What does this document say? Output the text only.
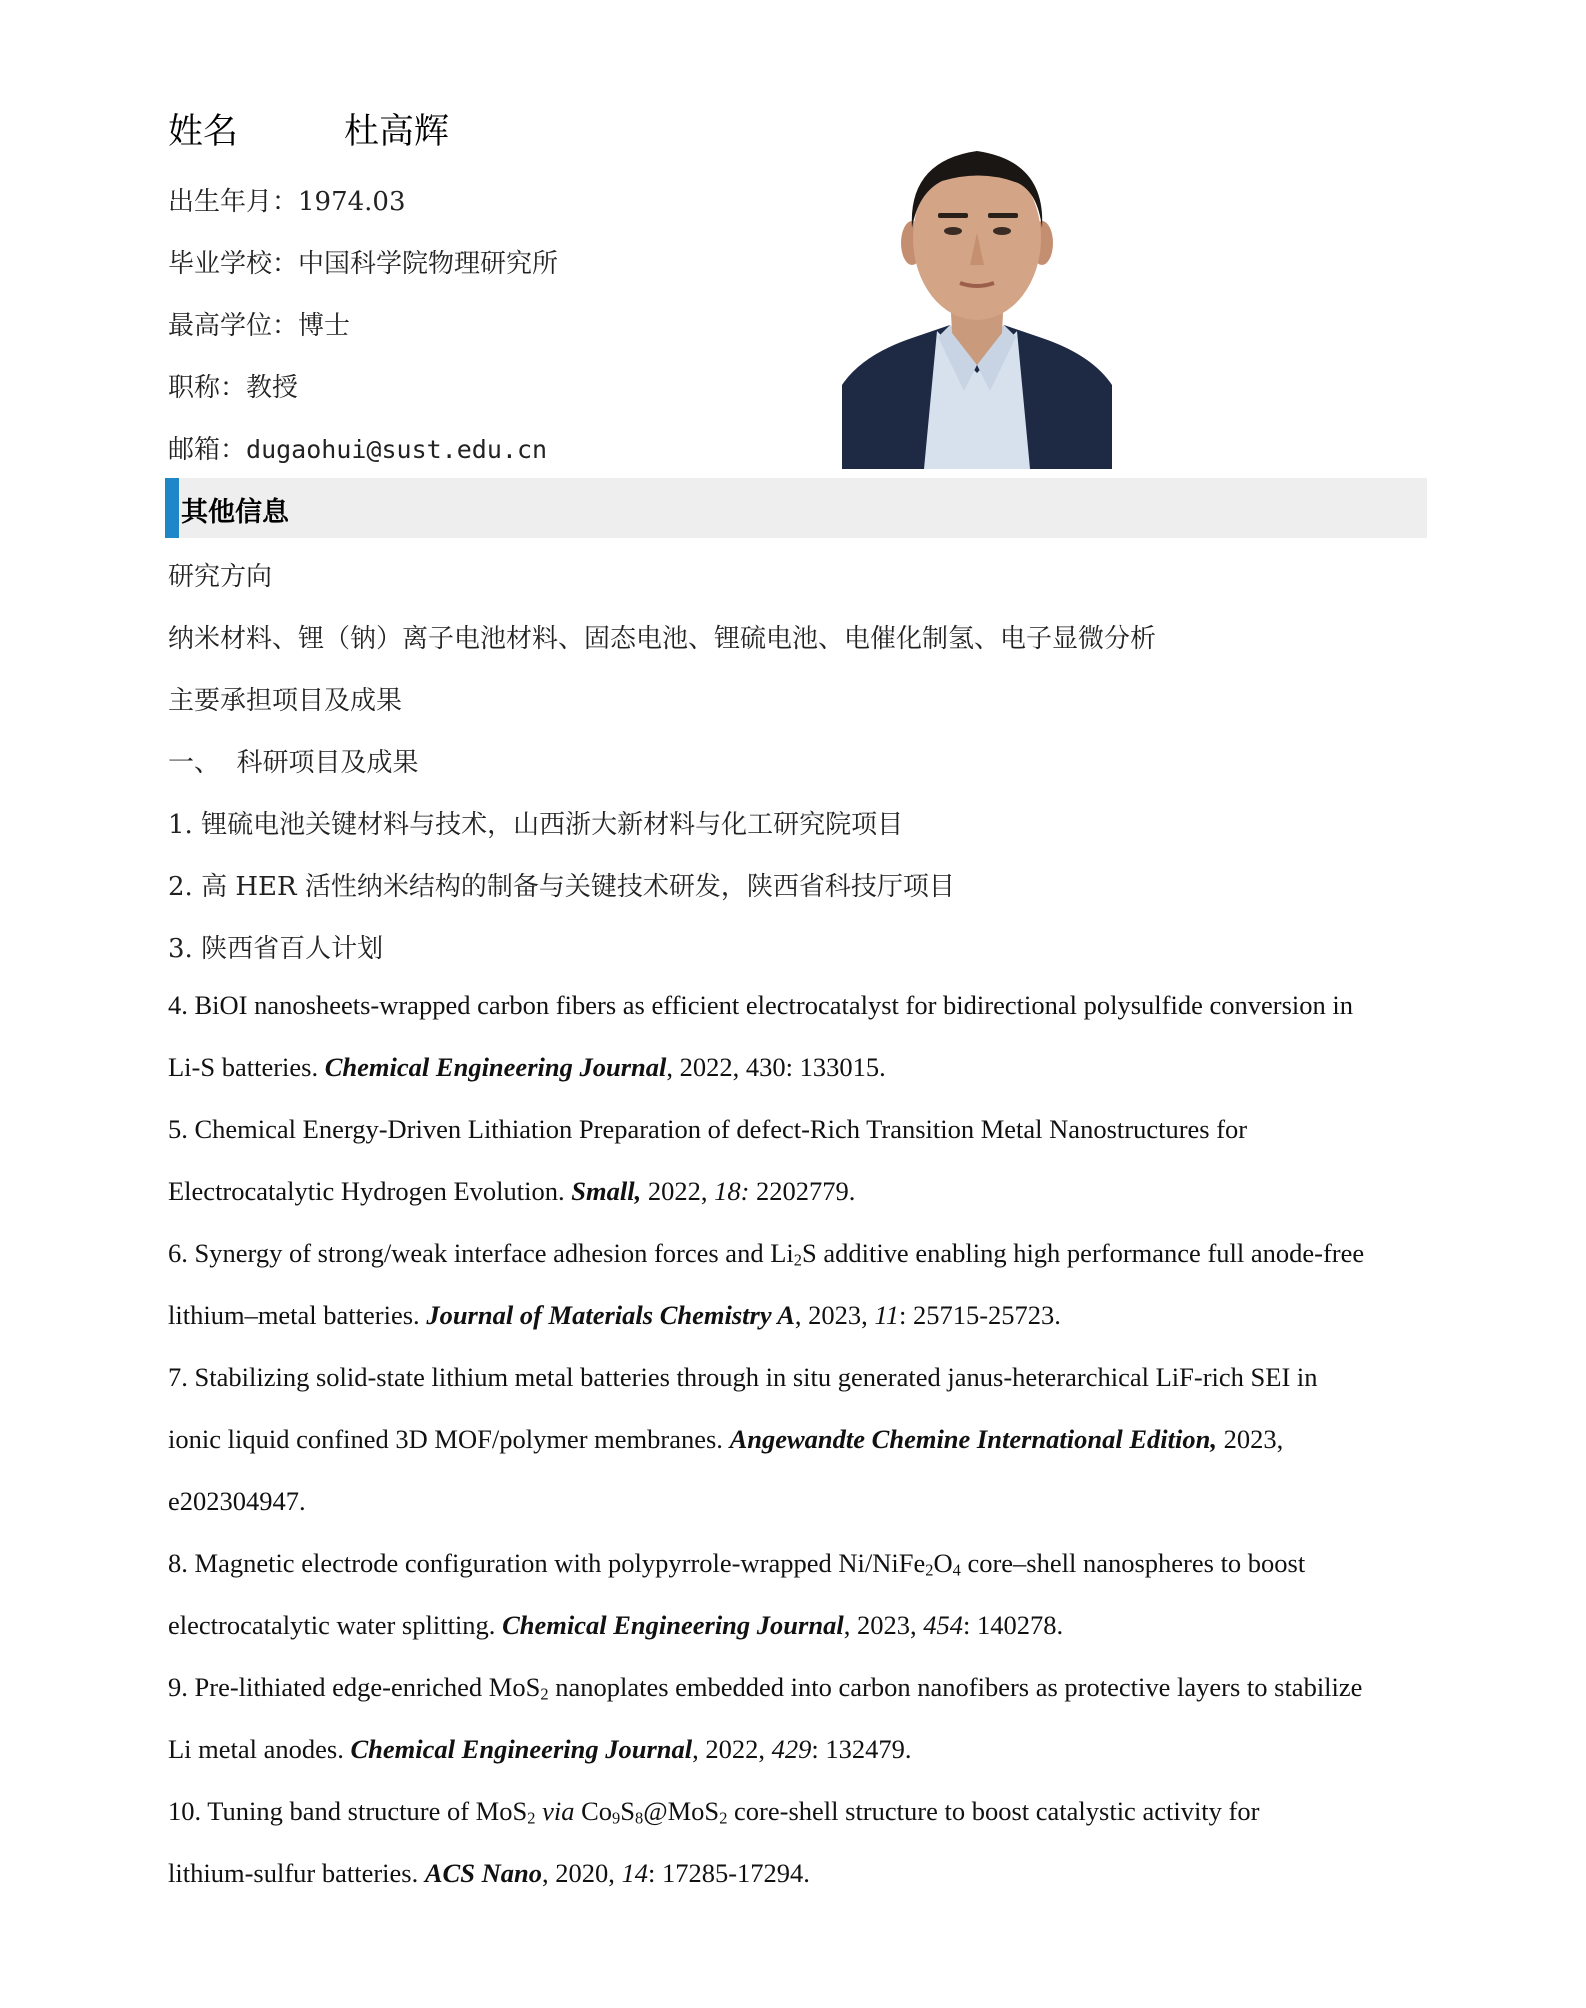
姓名	杜高辉
出生年月：1974.03
毕业学校：中国科学院物理研究所
最高学位：博士
职称：教授
邮箱：dugaohui@sust.edu.cn
其他信息
研究方向
纳米材料、锂（钠）离子电池材料、固态电池、锂硫电池、电催化制氢、电子显微分析
主要承担项目及成果
一、  科研项目及成果
1. 锂硫电池关键材料与技术，山西浙大新材料与化工研究院项目
2. 高 HER 活性纳米结构的制备与关键技术研发，陕西省科技厅项目
3. 陕西省百人计划
4. BiOI nanosheets-wrapped carbon fibers as efficient electrocatalyst for bidirectional polysulfide conversion in
Li-S batteries. Chemical Engineering Journal, 2022, 430: 133015.
5. Chemical Energy-Driven Lithiation Preparation of defect-Rich Transition Metal Nanostructures for
Electrocatalytic Hydrogen Evolution. Small, 2022, 18: 2202779.
6. Synergy of strong/weak interface adhesion forces and $Li_2S$ additive enabling high performance full anode-free
lithium–metal batteries. Journal of Materials Chemistry A, 2023, 11: 25715-25723.
7. Stabilizing solid-state lithium metal batteries through in situ generated janus-heterarchical LiF-rich SEI in
ionic liquid confined 3D MOF/polymer membranes. Angewandte Chemine International Edition, 2023,
e202304947.
8. Magnetic electrode configuration with polypyrrole-wrapped $Ni/NiFe_2O_4$ core–shell nanospheres to boost
electrocatalytic water splitting. Chemical Engineering Journal, 2023, 454: 140278.
9. Pre-lithiated edge-enriched MoS$_2$ nanoplates embedded into carbon nanofibers as protective layers to stabilize
Li metal anodes. Chemical Engineering Journal, 2022, 429: 132479.
10. Tuning band structure of MoS$_2$ via $Co_9S_8@MoS_2$ core-shell structure to boost catalystic activity for
lithium-sulfur batteries. ACS Nano, 2020, 14: 17285-17294.
